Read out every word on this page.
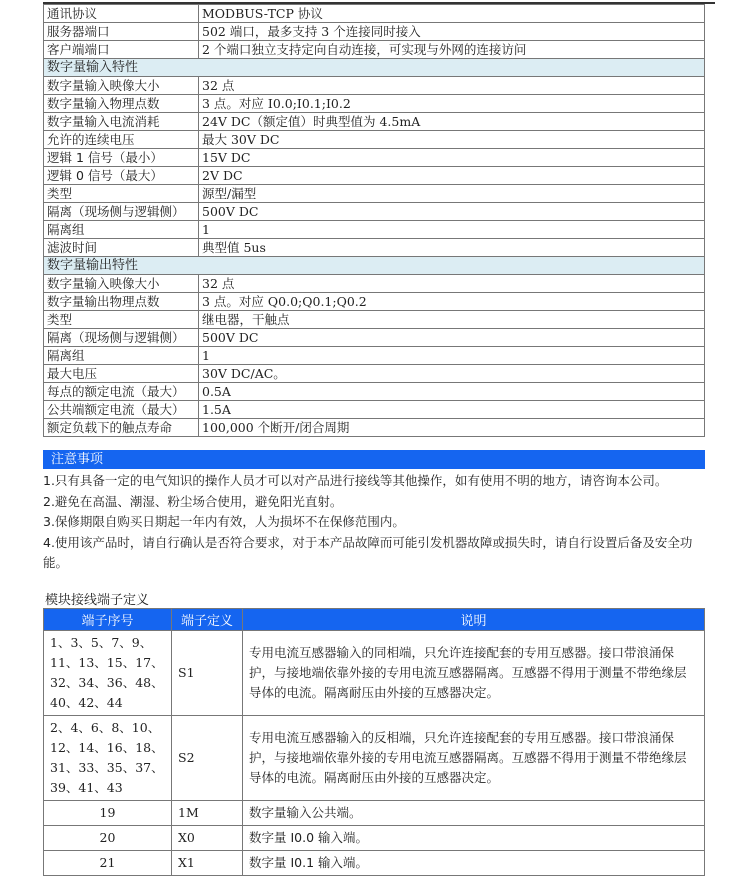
通讯协议	MODBUS-TCP 协议
服务器端口	502 端口，最多支持 3 个连接同时接入
客户端端口	2 个端口独立支持定向自动连接，可实现与外网的连接访问
数字量输入特性	
数字量输入映像大小	32 点
数字量输入物理点数	3 点。对应 I0.0;I0.1;I0.2
数字量输入电流消耗	24V DC（额定值）时典型值为 4.5mA
允许的连续电压	最大 30V DC
逻辑 1 信号（最小）	15V DC
逻辑 0 信号（最大）	2V DC
类型	源型/漏型
隔离（现场侧与逻辑侧）	500V DC
隔离组	1
滤波时间	典型值 5us
数字量输出特性	
数字量输入映像大小	32 点
数字量输出物理点数	3 点。对应 Q0.0;Q0.1;Q0.2
类型	继电器，干触点
隔离（现场侧与逻辑侧）	500V DC
隔离组	1
最大电压	30V DC/AC。
每点的额定电流（最大）	0.5A
公共端额定电流（最大）	1.5A
额定负载下的触点寿命	100,000 个断开/闭合周期
注意事项
1.只有具备一定的电气知识的操作人员才可以对产品进行接线等其他操作，如有使用不明的地方，请咨询本公司。
2.避免在高温、潮湿、粉尘场合使用，避免阳光直射。
3.保修期限自购买日期起一年内有效，人为损坏不在保修范围内。
4.使用该产品时，请自行确认是否符合要求，对于本产品故障而可能引发机器故障或损失时，请自行设置后备及安全功能。
模块接线端子定义
端子序号	端子定义	说明
1、3、5、7、9、11、13、15、17、32、34、36、48、40、42、44	S1	专用电流互感器输入的同相端，只允许连接配套的专用互感器。接口带浪涌保护，与接地端依靠外接的专用电流互感器隔离。互感器不得用于测量不带绝缘层导体的电流。隔离耐压由外接的互感器决定。
2、4、6、8、10、12、14、16、18、31、33、35、37、39、41、43	S2	专用电流互感器输入的反相端，只允许连接配套的专用互感器。接口带浪涌保护，与接地端依靠外接的专用电流互感器隔离。互感器不得用于测量不带绝缘层导体的电流。隔离耐压由外接的互感器决定。
19	1M	数字量输入公共端。
20	X0	数字量 I0.0 输入端。
21	X1	数字量 I0.1 输入端。
